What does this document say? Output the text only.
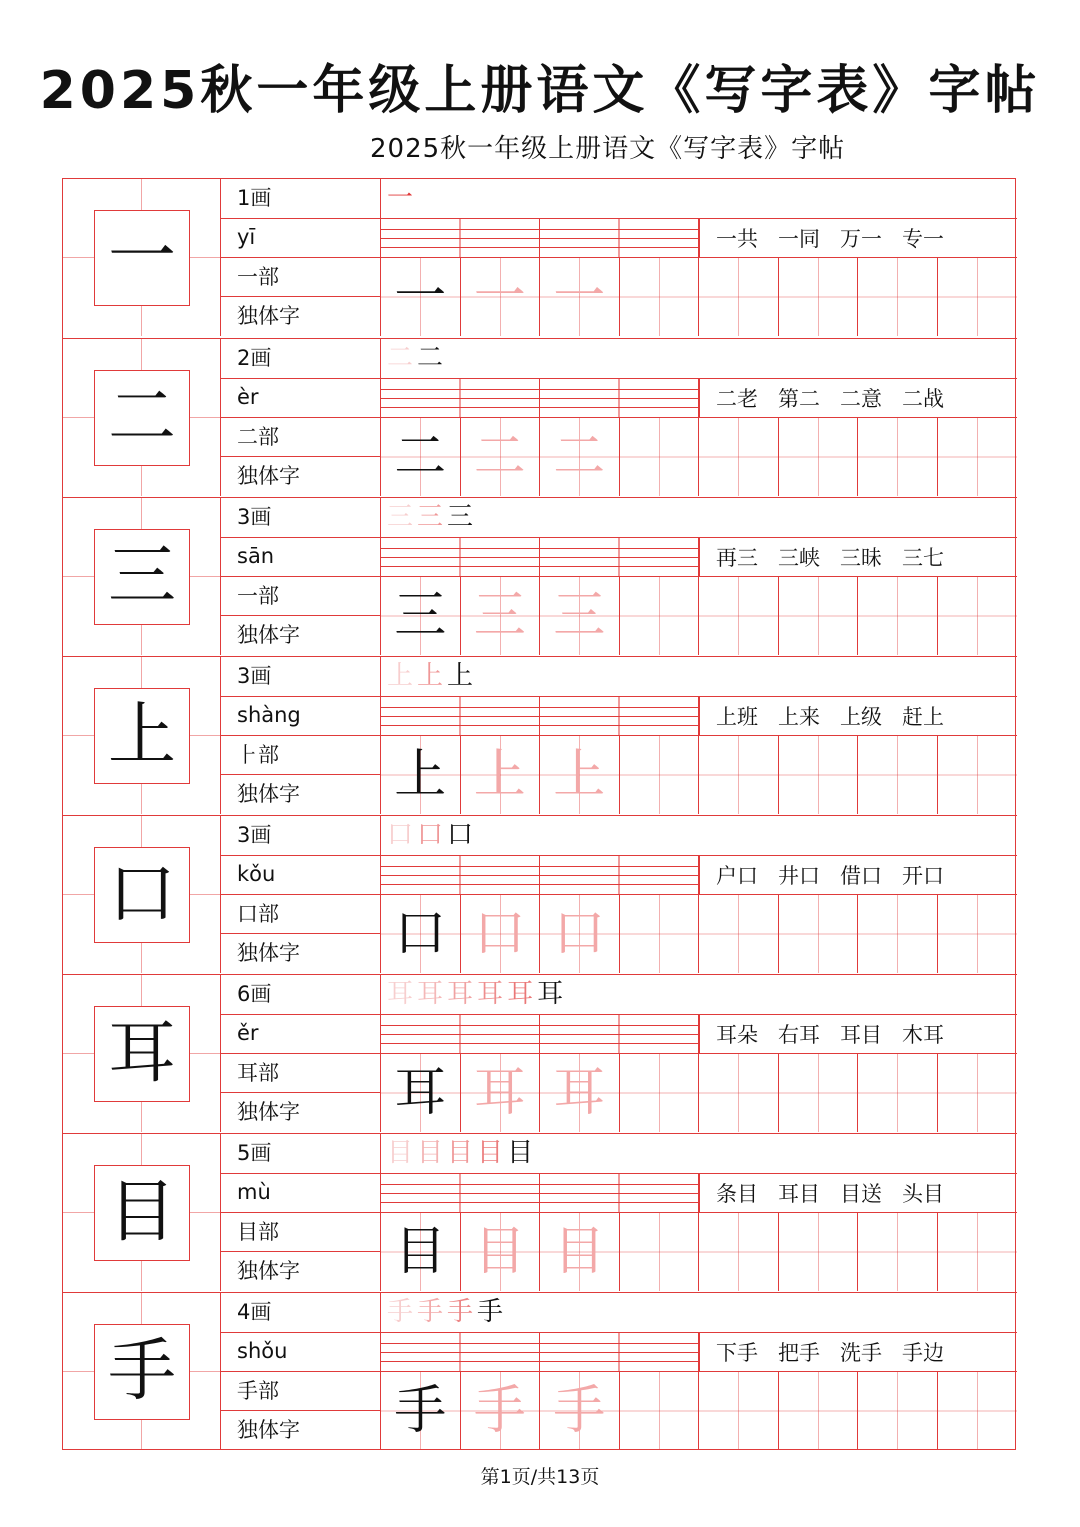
2025秋一年级上册语文《写字表》字帖
2025秋一年级上册语文《写字表》字帖
一
1画
yī
一部
独体字
一
一共 一同 万一 专一
一 一 一
二
2画
èr
二部
独体字
二 二
二老 第二 二意 二战
二 二 二
三
3画
sān
一部
独体字
三 三 三
再三 三峡 三昧 三七
三 三 三
上
3画
shàng
⺊部
独体字
上 上 上
上班 上来 上级 赶上
上 上 上
口
3画
kǒu
口部
独体字
口 口 口
户口 井口 借口 开口
口 口 口
耳
6画
ěr
耳部
独体字
耳 耳 耳 耳 耳 耳
耳朵 右耳 耳目 木耳
耳 耳 耳
目
5画
mù
目部
独体字
目 目 目 目 目
条目 耳目 目送 头目
目 目 目
手
4画
shǒu
手部
独体字
手 手 手 手
下手 把手 洗手 手边
手 手 手
第1页/共13页
